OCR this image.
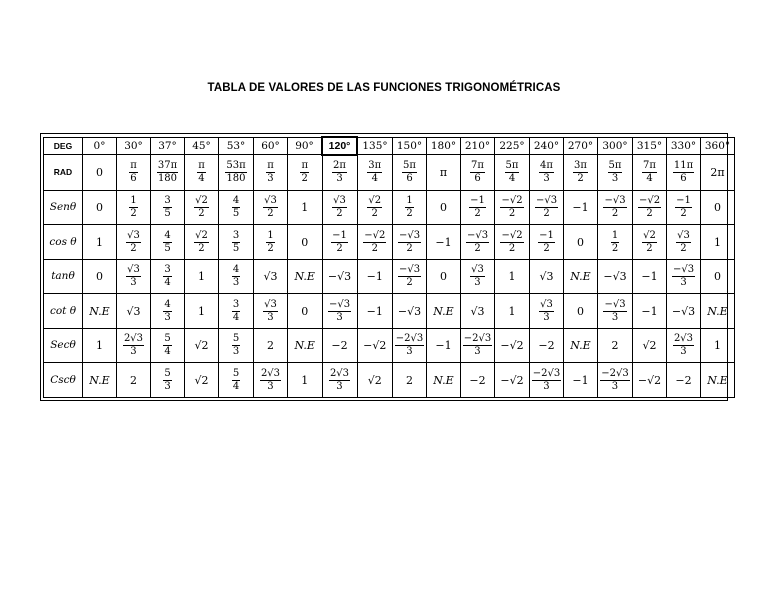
TABLA DE VALORES DE LAS FUNCIONES TRIGONOMÉTRICAS
DEG	0°	30°	37°	45°	53°	60°	90°	120°	135°	150°	180°	210°	225°	240°	270°	300°	315°	330°	360°
RAD	0	$\frac{\pi}{6}$	$\frac{37\pi}{180}$	$\frac{\pi}{4}$	$\frac{53\pi}{180}$	$\frac{\pi}{3}$	$\frac{\pi}{2}$	$\frac{2\pi}{3}$	$\frac{3\pi}{4}$	$\frac{5\pi}{6}$	π	$\frac{7\pi}{6}$	$\frac{5\pi}{4}$	$\frac{4\pi}{3}$	$\frac{3\pi}{2}$	$\frac{5\pi}{3}$	$\frac{7\pi}{4}$	$\frac{11\pi}{6}$	2π
Senθ	0	$\frac{1}{2}$	$\frac{3}{5}$	$\frac{√2}{2}$	$\frac{4}{5}$	$\frac{√3}{2}$	1	$\frac{√3}{2}$	$\frac{√2}{2}$	$\frac{1}{2}$	0	$\frac{-1}{2}$	$\frac{-√2}{2}$	$\frac{-√3}{2}$	−1	$\frac{-√3}{2}$	$\frac{-√2}{2}$	$\frac{-1}{2}$	0
cos θ	1	$\frac{√3}{2}$	$\frac{4}{5}$	$\frac{√2}{2}$	$\frac{3}{5}$	$\frac{1}{2}$	0	$\frac{-1}{2}$	$\frac{-√2}{2}$	$\frac{-√3}{2}$	−1	$\frac{-√3}{2}$	$\frac{-√2}{2}$	$\frac{-1}{2}$	0	$\frac{1}{2}$	$\frac{√2}{2}$	$\frac{√3}{2}$	1
tanθ	0	$\frac{√3}{3}$	$\frac{3}{4}$	1	$\frac{4}{3}$	√3	N.E	−√3	−1	$\frac{-√3}{2}$	0	$\frac{√3}{3}$	1	√3	N.E	−√3	−1	$\frac{-√3}{3}$	0
cot θ	N.E	√3	$\frac{4}{3}$	1	$\frac{3}{4}$	$\frac{√3}{3}$	0	$\frac{-√3}{3}$	−1	−√3	N.E	√3	1	$\frac{√3}{3}$	0	$\frac{-√3}{3}$	−1	−√3	N.E
Secθ	1	$\frac{2√3}{3}$	$\frac{5}{4}$	√2	$\frac{5}{3}$	2	N.E	−2	−√2	$\frac{-2√3}{3}$	−1	$\frac{-2√3}{3}$	−√2	−2	N.E	2	√2	$\frac{2√3}{3}$	1
Cscθ	N.E	2	$\frac{5}{3}$	√2	$\frac{5}{4}$	$\frac{2√3}{3}$	1	$\frac{2√3}{3}$	√2	2	N.E	−2	−√2	$\frac{-2√3}{3}$	−1	$\frac{-2√3}{3}$	−√2	−2	N.E
